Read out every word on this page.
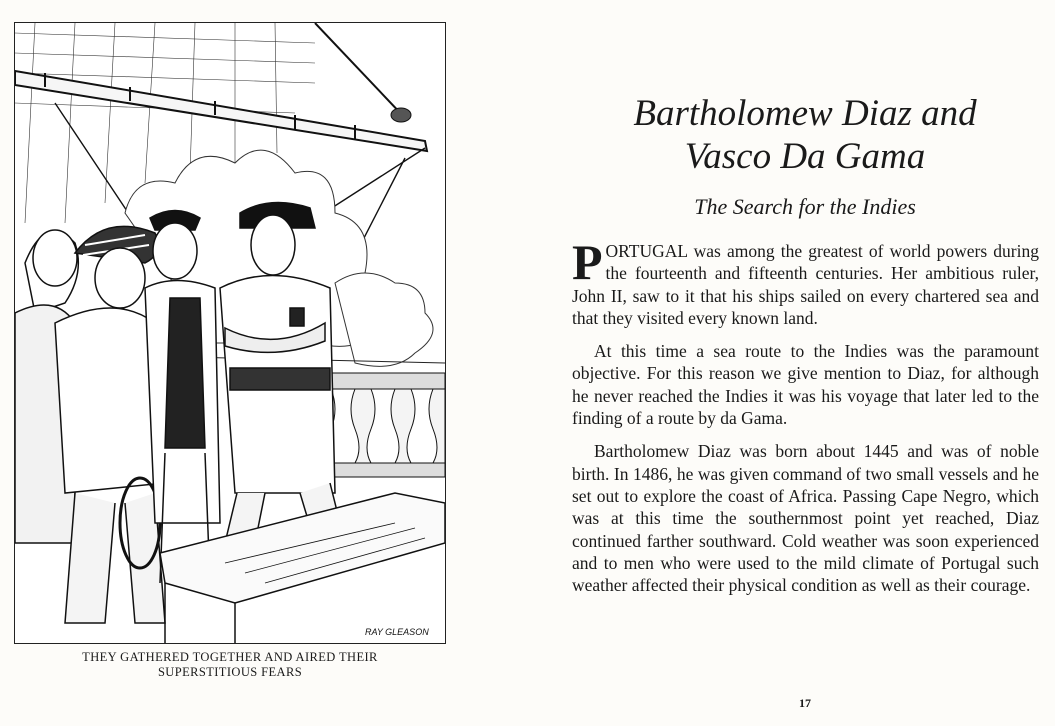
RAY GLEASON
THEY GATHERED TOGETHER AND AIRED THEIR
SUPERSTITIOUS FEARS
Bartholomew Diaz and
Vasco Da Gama
The Search for the Indies

PORTUGAL was among the greatest of world powers during the fourteenth and fifteenth centuries. Her ambitious ruler, John II, saw to it that his ships sailed on every chartered sea and that they visited every known land.

At this time a sea route to the Indies was the paramount objective. For this reason we give mention to Diaz, for although he never reached the Indies it was his voyage that later led to the finding of a route by da Gama.

Bartholomew Diaz was born about 1445 and was of noble birth. In 1486, he was given command of two small vessels and he set out to explore the coast of Africa. Passing Cape Negro, which was at this time the southernmost point yet reached, Diaz continued farther southward. Cold weather was soon experienced and to men who were used to the mild climate of Portugal such weather affected their physical condition as well as their courage.

17
